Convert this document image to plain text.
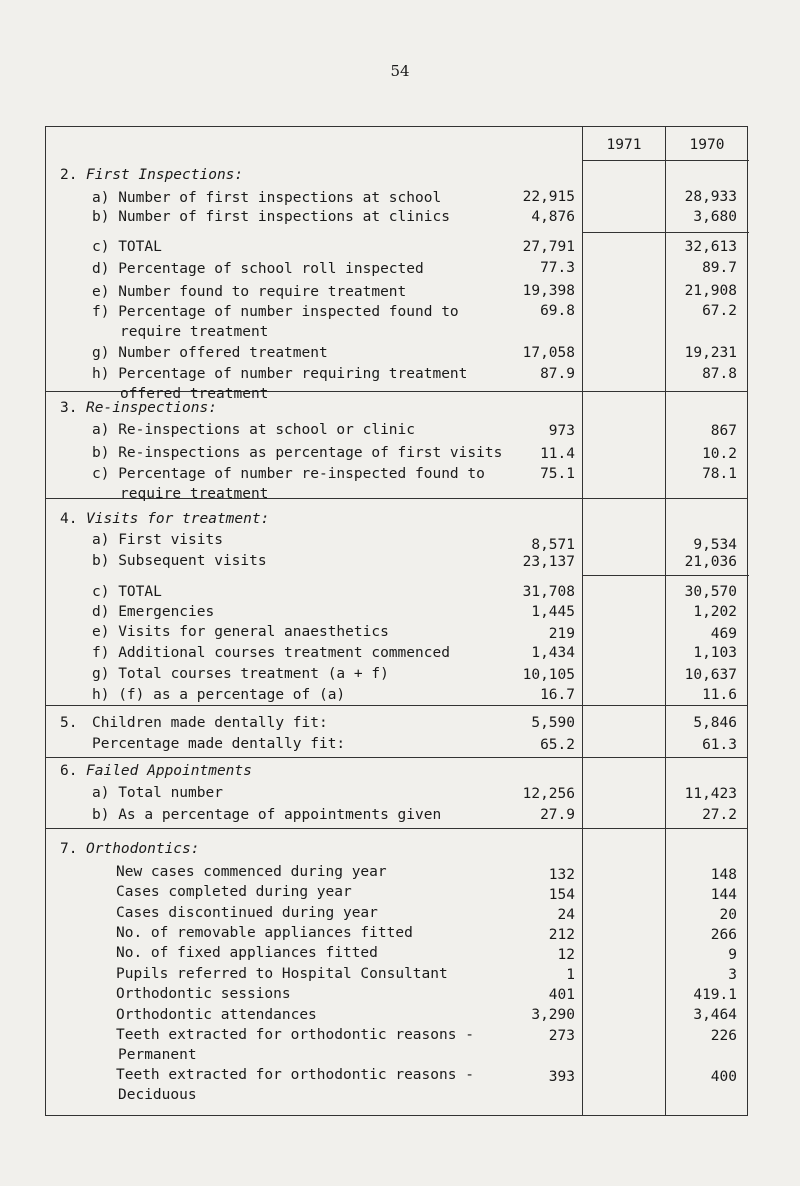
54
1971	1970
2. First Inspections:
a) Number of first inspections at school	22,915	28,933
b) Number of first inspections at clinics	4,876	3,680
c) TOTAL	27,791	32,613
d) Percentage of school roll inspected	77.3	89.7
e) Number found to require treatment	19,398	21,908
f) Percentage of number inspected found to
require treatment
69.8	67.2
g) Number offered treatment	17,058	19,231
h) Percentage of number requiring treatment
offered treatment
87.9	87.8
3. Re-inspections:
a) Re-inspections at school or clinic	973	867
b) Re-inspections as percentage of first visits	11.4	10.2
c) Percentage of number re-inspected found to
require treatment
75.1	78.1
4. Visits for treatment:
a) First visits	8,571	9,534
b) Subsequent visits	23,137	21,036
c) TOTAL	31,708	30,570
d) Emergencies	1,445	1,202
e) Visits for general anaesthetics	219	469
f) Additional courses treatment commenced	1,434	1,103
g) Total courses treatment (a + f)	10,105	10,637
h) (f) as a percentage of (a)	16.7	11.6
5.	Children made dentally fit:	5,590	5,846
Percentage made dentally fit:	65.2	61.3
6. Failed Appointments
a) Total number	12,256	11,423
b) As a percentage of appointments given	27.9	27.2
7. Orthodontics:
New cases commenced during year	132	148
Cases completed during year	154	144
Cases discontinued during year	24	20
No. of removable appliances fitted	212	266
No. of fixed appliances fitted	12	9
Pupils referred to Hospital Consultant	1	3
Orthodontic sessions	401	419.1
Orthodontic attendances	3,290	3,464
Teeth extracted for orthodontic reasons -
Permanent
273	226
Teeth extracted for orthodontic reasons -
Deciduous
393	400
